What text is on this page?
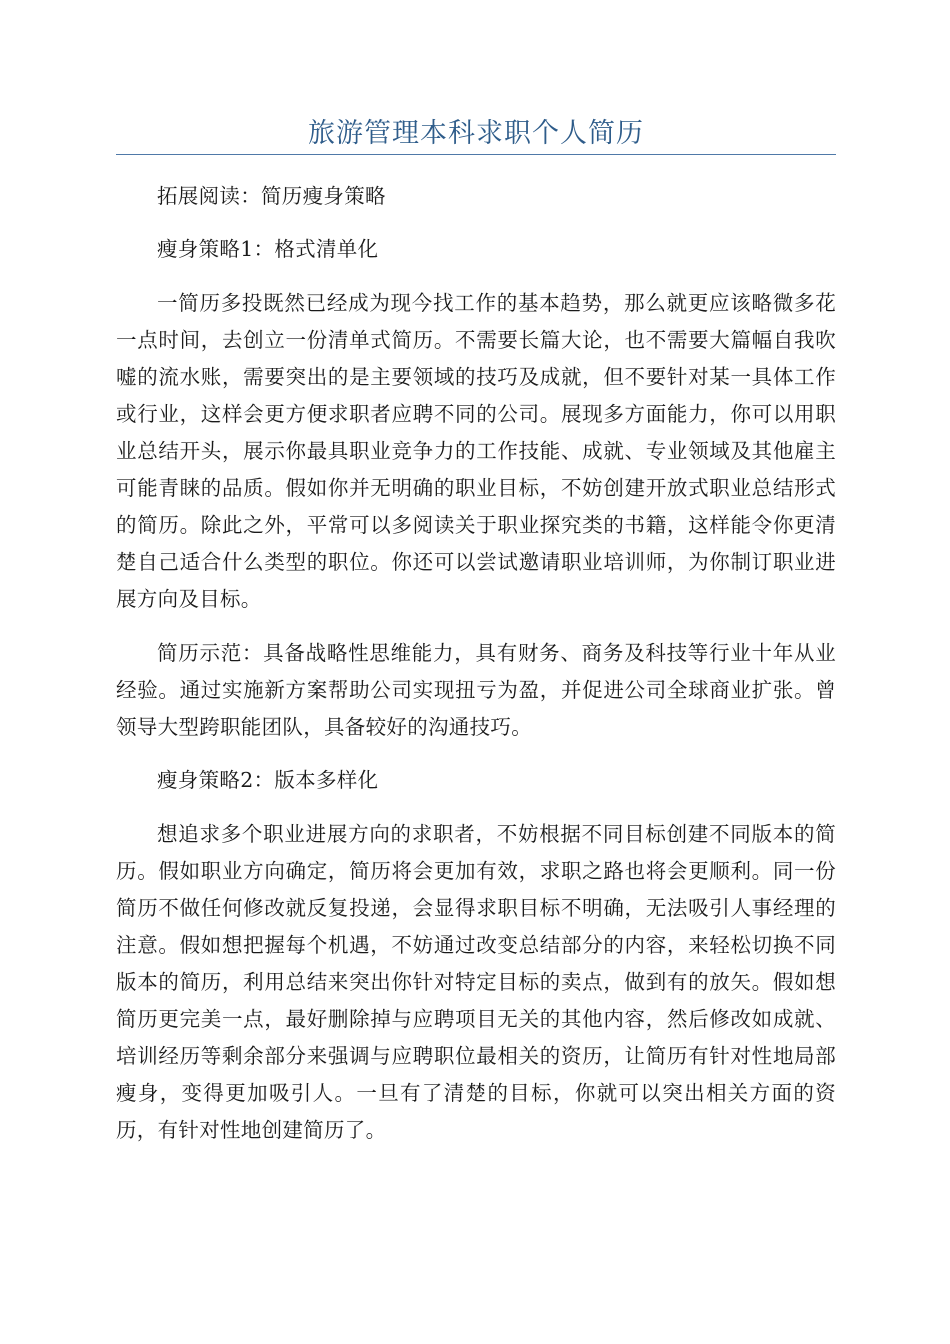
旅游管理本科求职个人简历

拓展阅读：简历瘦身策略

瘦身策略1：格式清单化

一简历多投既然已经成为现今找工作的基本趋势，那么就更应该略微多花一点时间，去创立一份清单式简历。不需要长篇大论，也不需要大篇幅自我吹嘘的流水账，需要突出的是主要领域的技巧及成就，但不要针对某一具体工作或行业，这样会更方便求职者应聘不同的公司。展现多方面能力，你可以用职业总结开头，展示你最具职业竞争力的工作技能、成就、专业领域及其他雇主可能青睐的品质。假如你并无明确的职业目标，不妨创建开放式职业总结形式的简历。除此之外，平常可以多阅读关于职业探究类的书籍，这样能令你更清楚自己适合什么类型的职位。你还可以尝试邀请职业培训师，为你制订职业进展方向及目标。

简历示范：具备战略性思维能力，具有财务、商务及科技等行业十年从业经验。通过实施新方案帮助公司实现扭亏为盈，并促进公司全球商业扩张。曾领导大型跨职能团队，具备较好的沟通技巧。

瘦身策略2：版本多样化

想追求多个职业进展方向的求职者，不妨根据不同目标创建不同版本的简历。假如职业方向确定，简历将会更加有效，求职之路也将会更顺利。同一份简历不做任何修改就反复投递，会显得求职目标不明确，无法吸引人事经理的注意。假如想把握每个机遇，不妨通过改变总结部分的内容，来轻松切换不同版本的简历，利用总结来突出你针对特定目标的卖点，做到有的放矢。假如想简历更完美一点，最好删除掉与应聘项目无关的其他内容，然后修改如成就、培训经历等剩余部分来强调与应聘职位最相关的资历，让简历有针对性地局部瘦身，变得更加吸引人。一旦有了清楚的目标，你就可以突出相关方面的资历，有针对性地创建简历了。
